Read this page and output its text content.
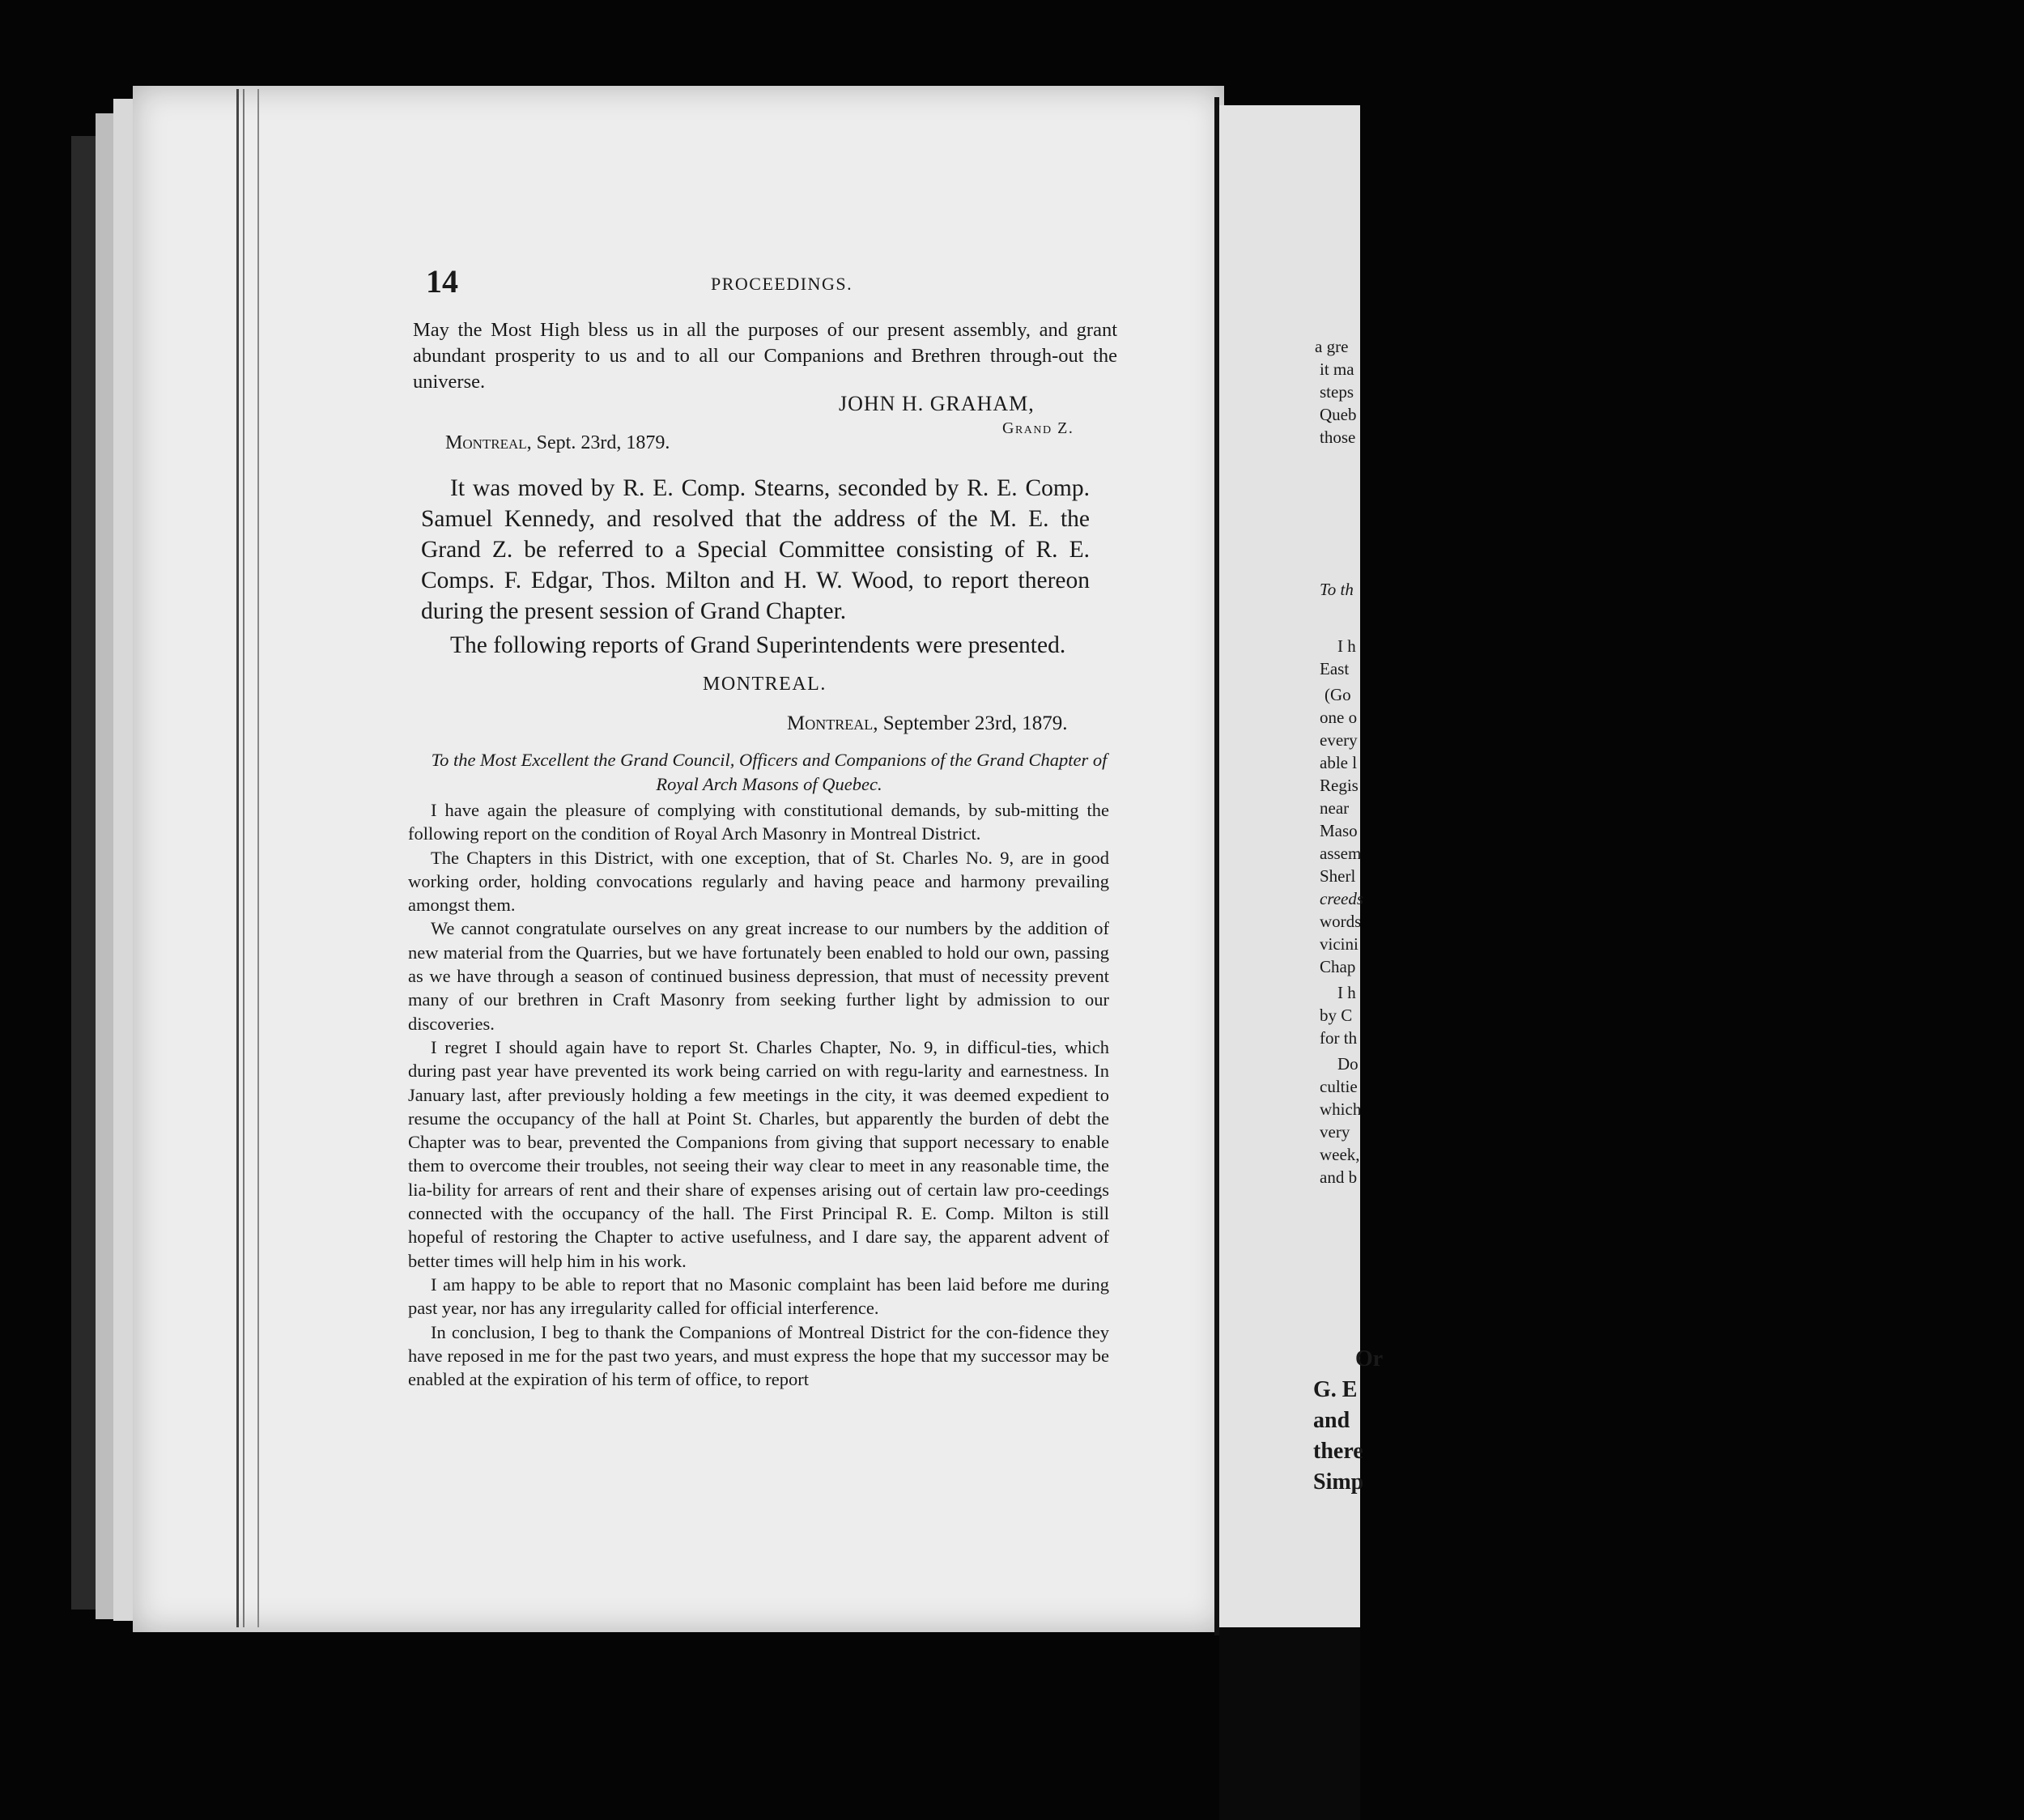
14	PROCEEDINGS.
May the Most High bless us in all the purposes of our present assembly, and grant abundant prosperity to us and to all our Companions and Brethren through-out the universe.
JOHN H. GRAHAM,
Grand Z.
Montreal, Sept. 23rd, 1879.
It was moved by R. E. Comp. Stearns, seconded by R. E. Comp. Samuel Kennedy, and resolved that the address of the M. E. the Grand Z. be referred to a Special Committee consisting of R. E. Comps. F. Edgar, Thos. Milton and H. W. Wood, to report thereon during the present session of Grand Chapter.
The following reports of Grand Superintendents were presented.
MONTREAL.
Montreal, September 23rd, 1879.
To the Most Excellent the Grand Council, Officers and Companions of the Grand Chapter of Royal Arch Masons of Quebec.

I have again the pleasure of complying with constitutional demands, by sub-mitting the following report on the condition of Royal Arch Masonry in Montreal District.

The Chapters in this District, with one exception, that of St. Charles No. 9, are in good working order, holding convocations regularly and having peace and harmony prevailing amongst them.

We cannot congratulate ourselves on any great increase to our numbers by the addition of new material from the Quarries, but we have fortunately been enabled to hold our own, passing as we have through a season of continued business depression, that must of necessity prevent many of our brethren in Craft Masonry from seeking further light by admission to our discoveries.

I regret I should again have to report St. Charles Chapter, No. 9, in difficul-ties, which during past year have prevented its work being carried on with regu-larity and earnestness. In January last, after previously holding a few meetings in the city, it was deemed expedient to resume the occupancy of the hall at Point St. Charles, but apparently the burden of debt the Chapter was to bear, prevented the Companions from giving that support necessary to enable them to overcome their troubles, not seeing their way clear to meet in any reasonable time, the lia-bility for arrears of rent and their share of expenses arising out of certain law pro-ceedings connected with the occupancy of the hall. The First Principal R. E. Comp. Milton is still hopeful of restoring the Chapter to active usefulness, and I dare say, the apparent advent of better times will help him in his work.

I am happy to be able to report that no Masonic complaint has been laid before me during past year, nor has any irregularity called for official interference.

In conclusion, I beg to thank the Companions of Montreal District for the con-fidence they have reposed in me for the past two years, and must express the hope that my successor may be enabled at the expiration of his term of office, to report

a gre
it ma
steps
Queb
those
To th
I h
East
(Go
one o
every
able l
Regis
near
Maso
assem
Sherl
creeds
words
vicini
Chap
I h
by C
for th
Do
cultie
which
very
week,
and b
Or
G. E
and
there
Simp
